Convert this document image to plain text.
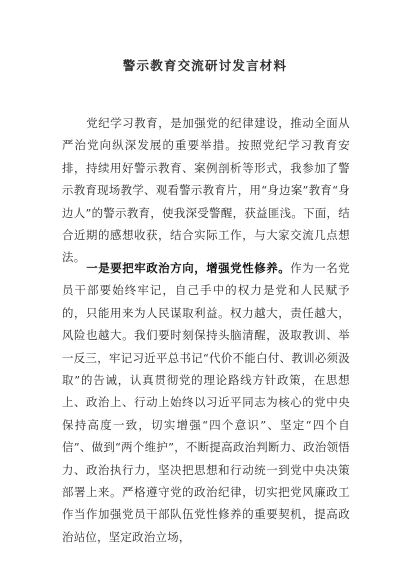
警示教育交流研讨发言材料
党纪学习教育，是加强党的纪律建设，推动全面从严治党向纵深发展的重要举措。按照党纪学习教育安排，持续用好警示教育、案例剖析等形式，我参加了警示教育现场教学、观看警示教育片，用“身边案”教育“身边人”的警示教育，使我深受警醒，获益匪浅。下面，结合近期的感想收获，结合实际工作，与大家交流几点想法。
一是要把牢政治方向，增强党性修养。作为一名党员干部要始终牢记，自己手中的权力是党和人民赋予的，只能用来为人民谋取利益。权力越大，责任越大，风险也越大。我们要时刻保持头脑清醒，汲取教训、举一反三，牢记习近平总书记“代价不能白付、教训必须汲取”的告诫，认真贯彻党的理论路线方针政策，在思想上、政治上、行动上始终以习近平同志为核心的党中央保持高度一致，切实增强“四个意识”、坚定“四个自信”、做到“两个维护”，不断提高政治判断力、政治领悟力、政治执行力，坚决把思想和行动统一到党中央决策部署上来。严格遵守党的政治纪律，切实把党风廉政工作当作加强党员干部队伍党性修养的重要契机，提高政治站位，坚定政治立场，
